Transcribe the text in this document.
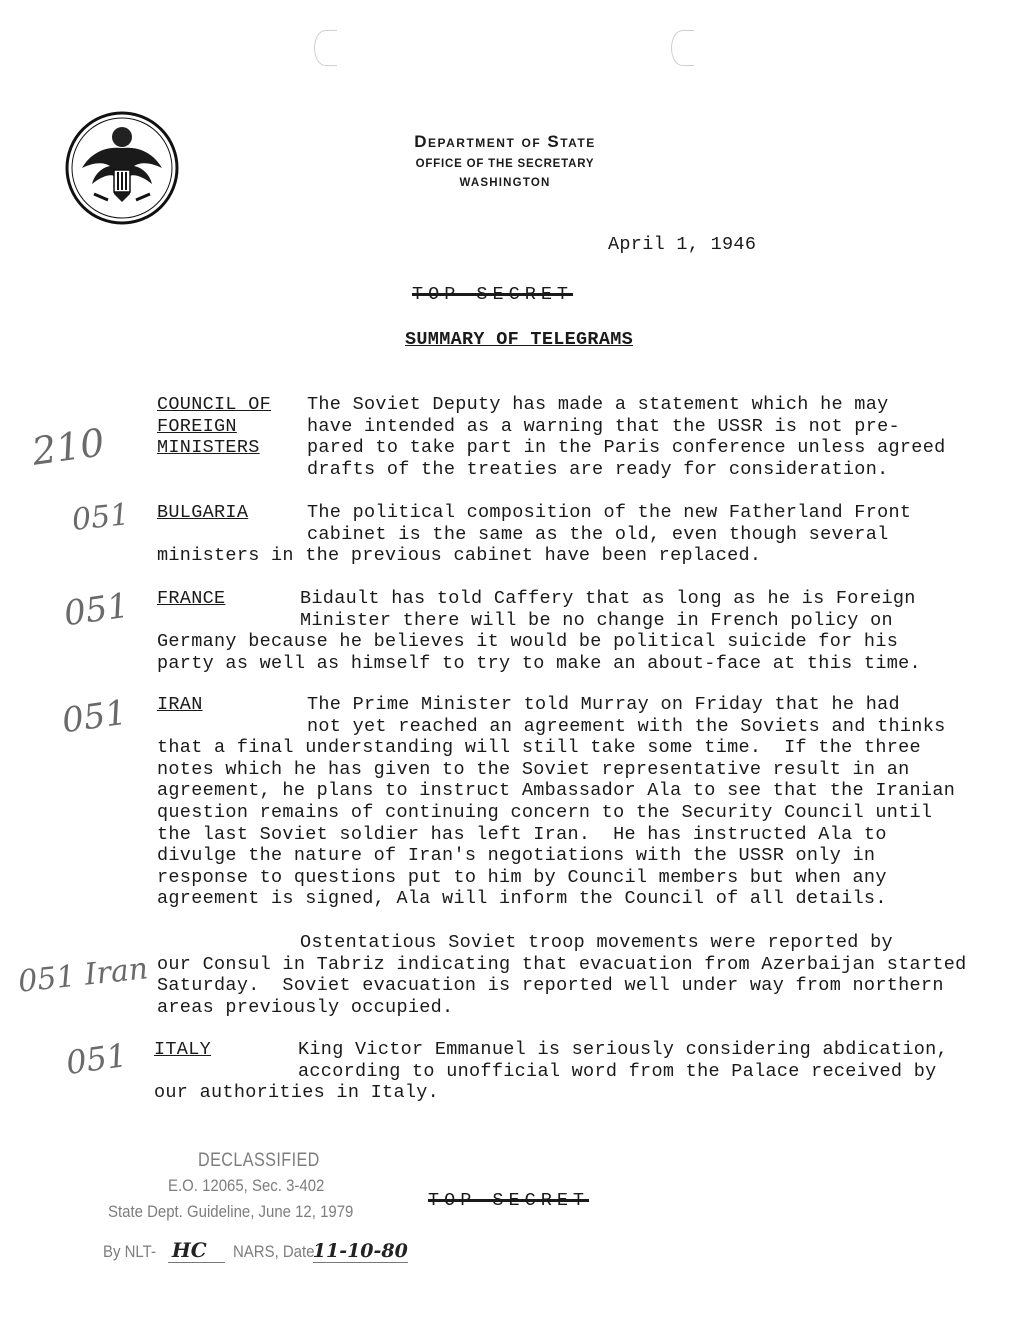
Department of State
OFFICE OF THE SECRETARY
WASHINGTON
April 1, 1946
TOP SECRET
SUMMARY OF TELEGRAMS
210
COUNCIL OF
FOREIGN
MINISTERS
The Soviet Deputy has made a statement which he may
have intended as a warning that the USSR is not pre-
pared to take part in the Paris conference unless agreed
drafts of the treaties are ready for consideration.
051 BULGARIA	The political composition of the new Fatherland Front
cabinet is the same as the old, even though several
ministers in the previous cabinet have been replaced.
051 FRANCE	Bidault has told Caffery that as long as he is Foreign
Minister there will be no change in French policy on
Germany because he believes it would be political suicide for his
party as well as himself to try to make an about-face at this time.
051 IRAN	The Prime Minister told Murray on Friday that he had
not yet reached an agreement with the Soviets and thinks
that a final understanding will still take some time.  If the three
notes which he has given to the Soviet representative result in an
agreement, he plans to instruct Ambassador Ala to see that the Iranian
question remains of continuing concern to the Security Council until
the last Soviet soldier has left Iran.  He has instructed Ala to
divulge the nature of Iran's negotiations with the USSR only in
response to questions put to him by Council members but when any
agreement is signed, Ala will inform the Council of all details.
051 Iran
Ostentatious Soviet troop movements were reported by
our Consul in Tabriz indicating that evacuation from Azerbaijan started
Saturday.  Soviet evacuation is reported well under way from northern
areas previously occupied.
051 ITALY	King Victor Emmanuel is seriously considering abdication,
according to unofficial word from the Palace received by
our authorities in Italy.
DECLASSIFIED
E.O. 12065, Sec. 3-402
State Dept. Guideline, June 12, 1979
By NLT- HC NARS, Date 11-10-80
TOP SECRET
